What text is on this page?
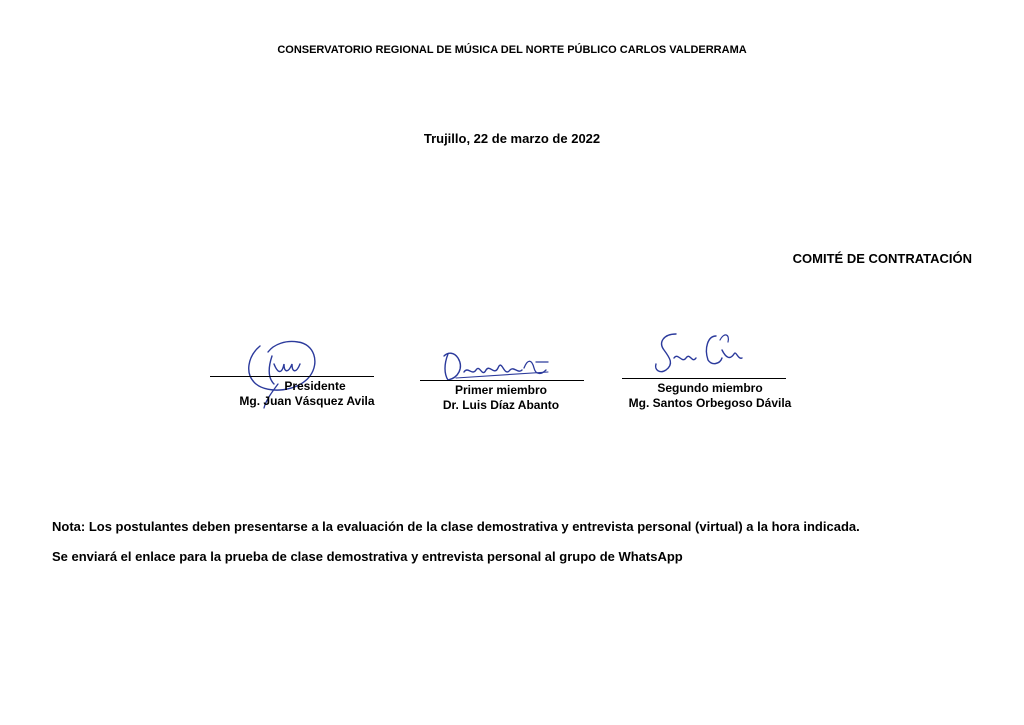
CONSERVATORIO REGIONAL DE MÚSICA DEL NORTE PÚBLICO CARLOS VALDERRAMA
Trujillo, 22 de marzo de 2022
COMITÉ DE CONTRATACIÓN
Presidente
Mg. Juan Vásquez Avila
Primer miembro
Dr. Luis Díaz Abanto
Segundo miembro
Mg. Santos Orbegoso Dávila
Nota: Los postulantes deben presentarse a la evaluación de la clase demostrativa y entrevista personal (virtual) a la hora indicada.
Se enviará el enlace para la prueba de clase demostrativa y entrevista personal al grupo de WhatsApp
